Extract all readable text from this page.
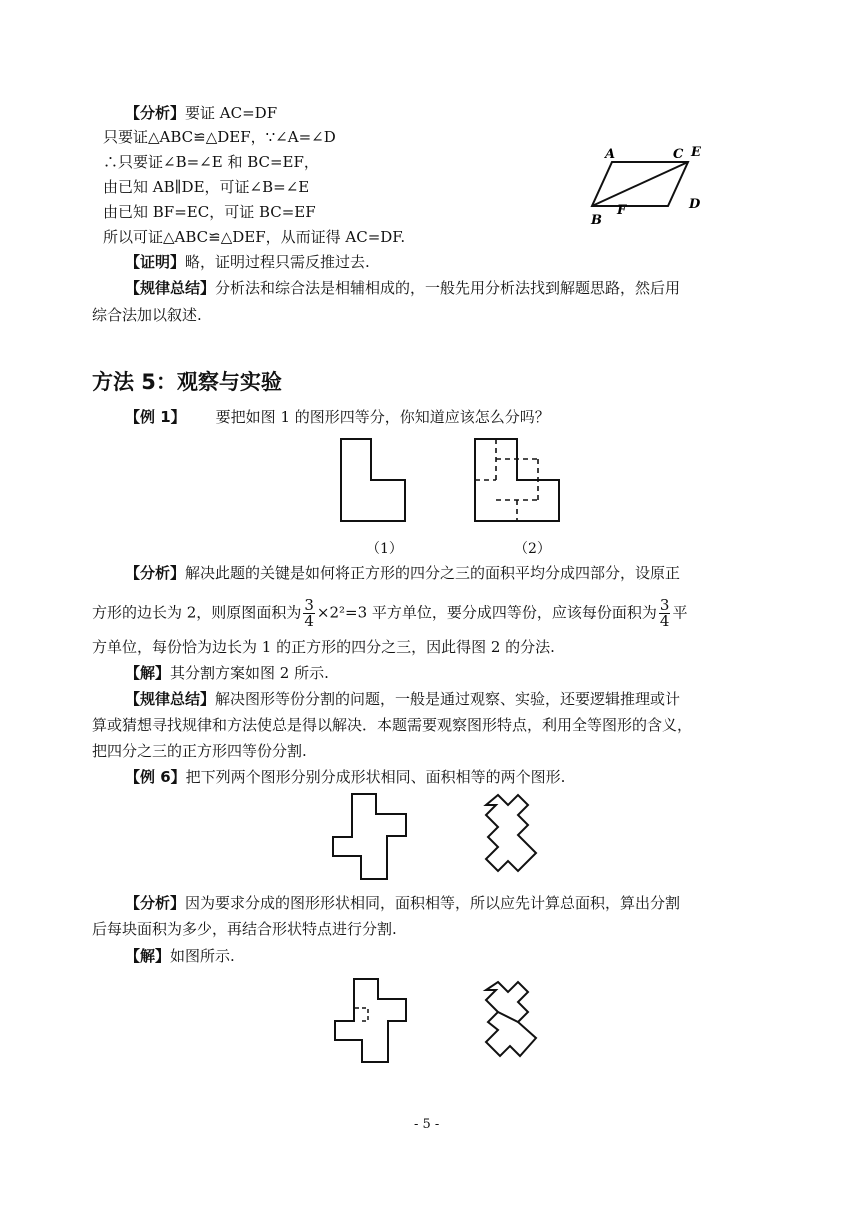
【分析】要证 AC=DF
只要证△ABC≌△DEF，∵∠A=∠D
∴只要证∠B=∠E 和 BC=EF，
由已知 AB∥DE，可证∠B=∠E
由已知 BF=EC，可证 BC=EF
所以可证△ABC≌△DEF，从而证得 AC=DF.
【证明】略，证明过程只需反推过去.
【规律总结】分析法和综合法是相辅相成的，一般先用分析法找到解题思路，然后用
综合法加以叙述.
A	C E
B
F	D
方法 5：观察与实验
【例 1】 要把如图 1 的图形四等分，你知道应该怎么分吗？
（1）	（2）
【分析】解决此题的关键是如何将正方形的四分之三的面积平均分成四部分，设原正
方形的边长为 2，则原图面积为 $\frac{3}{4} \times 2^2=3$ 平方单位，要分成四等份，应该每份面积为 $\frac{3}{4}$ 平
方单位，每份恰为边长为 1 的正方形的四分之三，因此得图 2 的分法.
【解】其分割方案如图 2 所示.
【规律总结】解决图形等份分割的问题，一般是通过观察、实验，还要逻辑推理或计
算或猜想寻找规律和方法使总是得以解决．本题需要观察图形特点，利用全等图形的含义，
把四分之三的正方形四等份分割.
【例 6】把下列两个图形分别分成形状相同、面积相等的两个图形.
【分析】因为要求分成的图形形状相同，面积相等，所以应先计算总面积，算出分割
后每块面积为多少，再结合形状特点进行分割.
【解】如图所示.
- 5 -
